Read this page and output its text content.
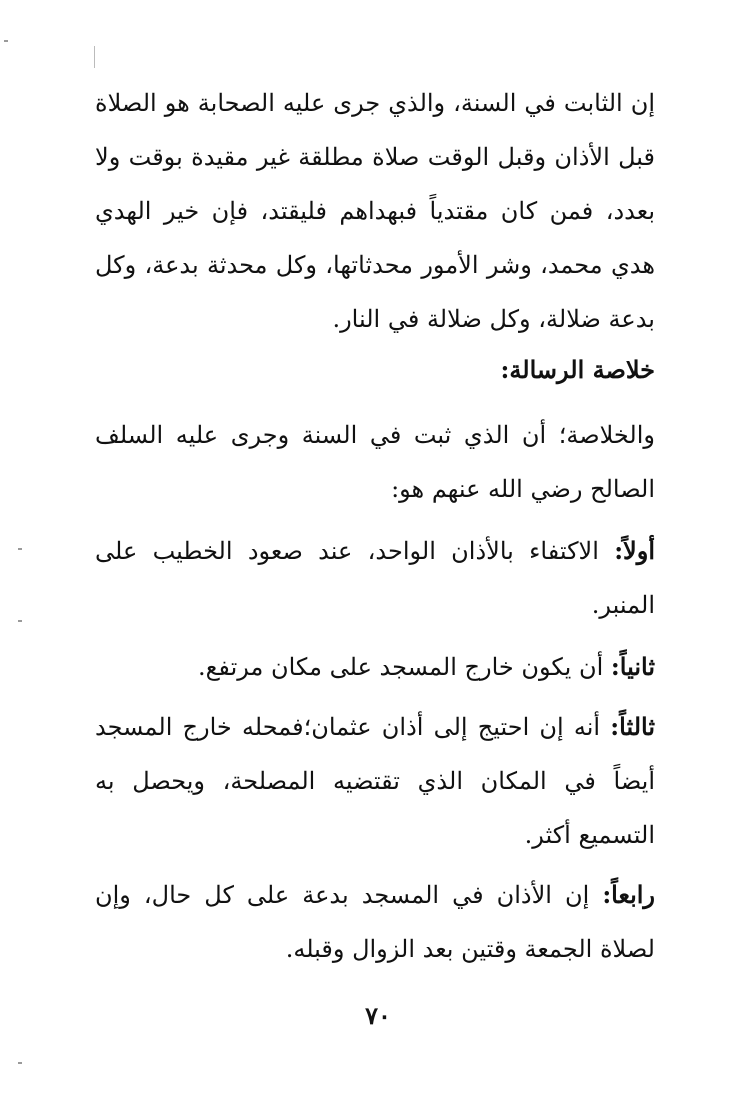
إن الثابت في السنة، والذي جرى عليه الصحابة هو الصلاة قبل الأذان وقبل الوقت صلاة مطلقة غير مقيدة بوقت ولا بعدد، فمن كان مقتدياً فبهداهم فليقتد، فإن خير الهدي هدي محمد، وشر الأمور محدثاتها، وكل محدثة بدعة، وكل بدعة ضلالة، وكل ضلالة في النار.

خلاصة الرسالة:

والخلاصة؛ أن الذي ثبت في السنة وجرى عليه السلف الصالح رضي الله عنهم هو:

أولاً: الاكتفاء بالأذان الواحد، عند صعود الخطيب على المنبر.

ثانياً: أن يكون خارج المسجد على مكان مرتفع.

ثالثاً: أنه إن احتيج إلى أذان عثمان؛فمحله خارج المسجد أيضاً في المكان الذي تقتضيه المصلحة، ويحصل به التسميع أكثر.

رابعاً: إن الأذان في المسجد بدعة على كل حال، وإن لصلاة الجمعة وقتين بعد الزوال وقبله.

٧٠
